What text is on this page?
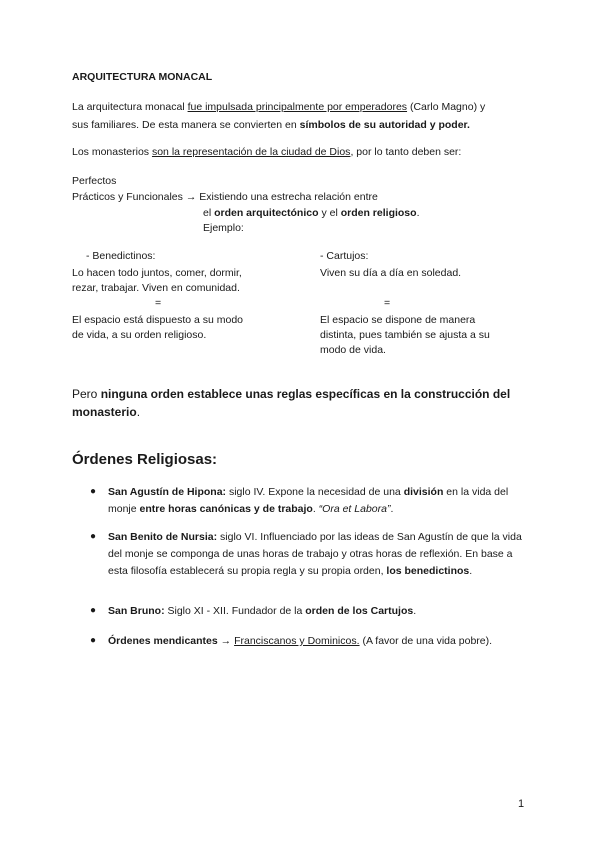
ARQUITECTURA MONACAL
La arquitectura monacal fue impulsada principalmente por emperadores (Carlo Magno) y
sus familiares. De esta manera se convierten en símbolos de su autoridad y poder.
Los monasterios son la representación de la ciudad de Dios, por lo tanto deben ser:
Perfectos
Prácticos y Funcionales → Existiendo una estrecha relación entre
el orden arquitectónico y el orden religioso.
Ejemplo:
- Benedictinos:
Lo hacen todo juntos, comer, dormir,
rezar, trabajar. Viven en comunidad.
=
El espacio está dispuesto a su modo
de vida, a su orden religioso.
- Cartujos:
Viven su día a día en soledad.
=
El espacio se dispone de manera
distinta, pues también se ajusta a su
modo de vida.
Pero ninguna orden establece unas reglas específicas en la construcción del
monasterio.
Órdenes Religiosas:
● San Agustín de Hipona: siglo IV. Expone la necesidad de una división en la vida del monje entre horas canónicas y de trabajo. “Ora et Labora”.
● San Benito de Nursia: siglo VI. Influenciado por las ideas de San Agustín de que la vida del monje se componga de unas horas de trabajo y otras horas de reflexión. En base a esta filosofía establecerá su propia regla y su propia orden, los benedictinos.
● San Bruno: Siglo XI - XII. Fundador de la orden de los Cartujos.
● Órdenes mendicantes → Franciscanos y Dominicos. (A favor de una vida pobre).
1
